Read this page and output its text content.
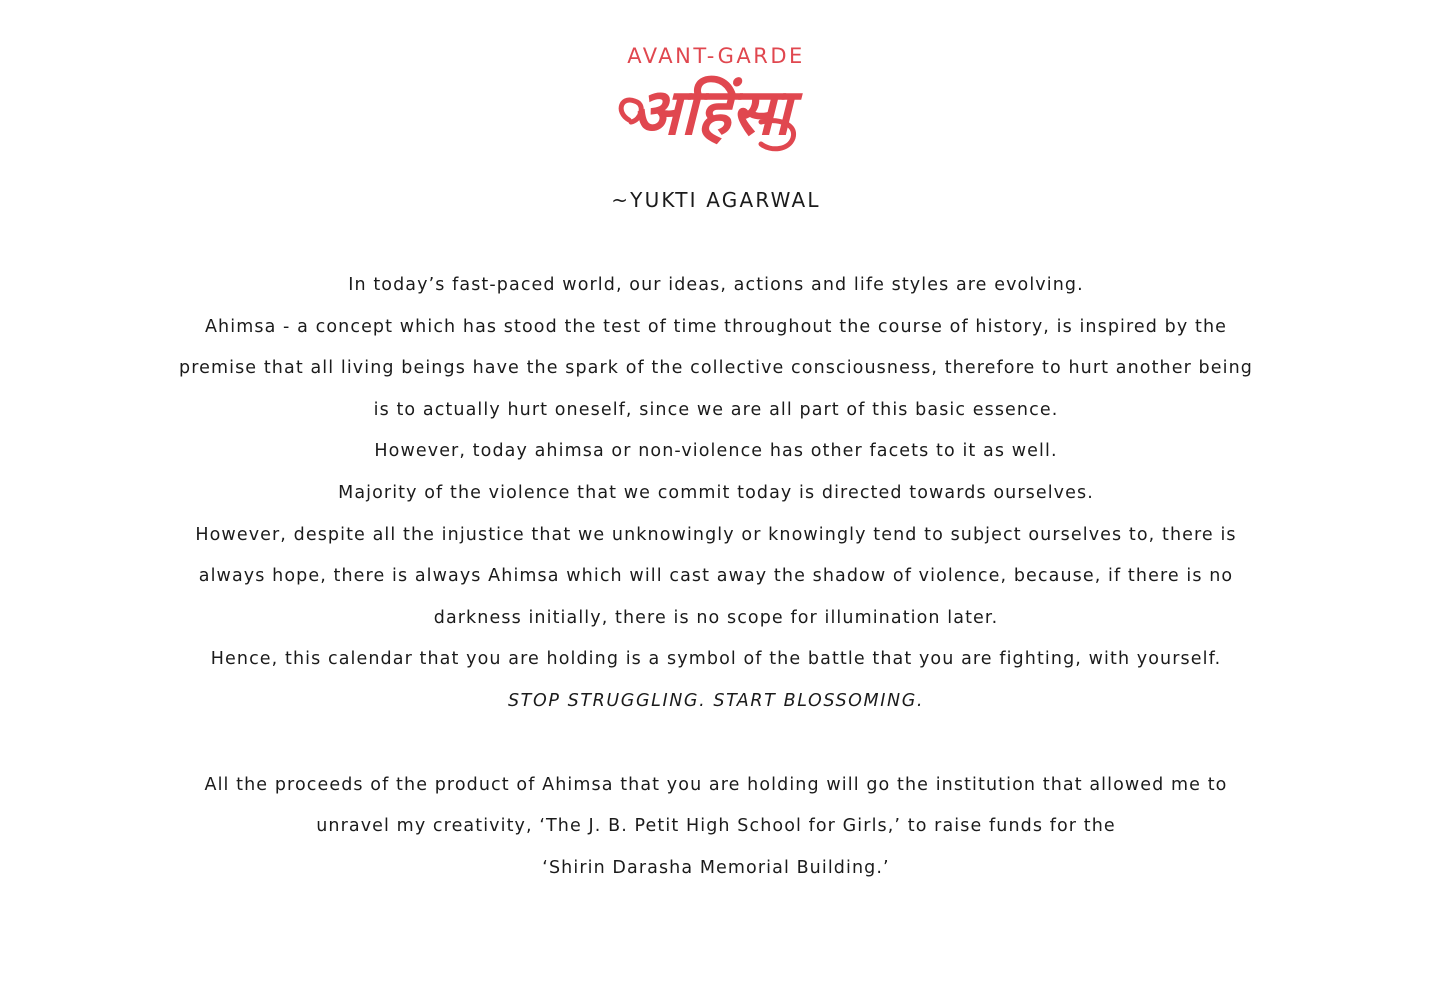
AVANT-GARDE
अहिंसा
~YUKTI AGARWAL
In today’s fast-paced world, our ideas, actions and life styles are evolving.
Ahimsa - a concept which has stood the test of time throughout the course of history, is inspired by the
premise that all living beings have the spark of the collective consciousness, therefore to hurt another being
is to actually hurt oneself, since we are all part of this basic essence.
However, today ahimsa or non-violence has other facets to it as well.
Majority of the violence that we commit today is directed towards ourselves.
However, despite all the injustice that we unknowingly or knowingly tend to subject ourselves to, there is
always hope, there is always Ahimsa which will cast away the shadow of violence, because, if there is no
darkness initially, there is no scope for illumination later.
Hence, this calendar that you are holding is a symbol of the battle that you are fighting, with yourself.
STOP STRUGGLING. START BLOSSOMING.
All the proceeds of the product of Ahimsa that you are holding will go the institution that allowed me to
unravel my creativity, ‘The J. B. Petit High School for Girls,’ to raise funds for the
‘Shirin Darasha Memorial Building.’
